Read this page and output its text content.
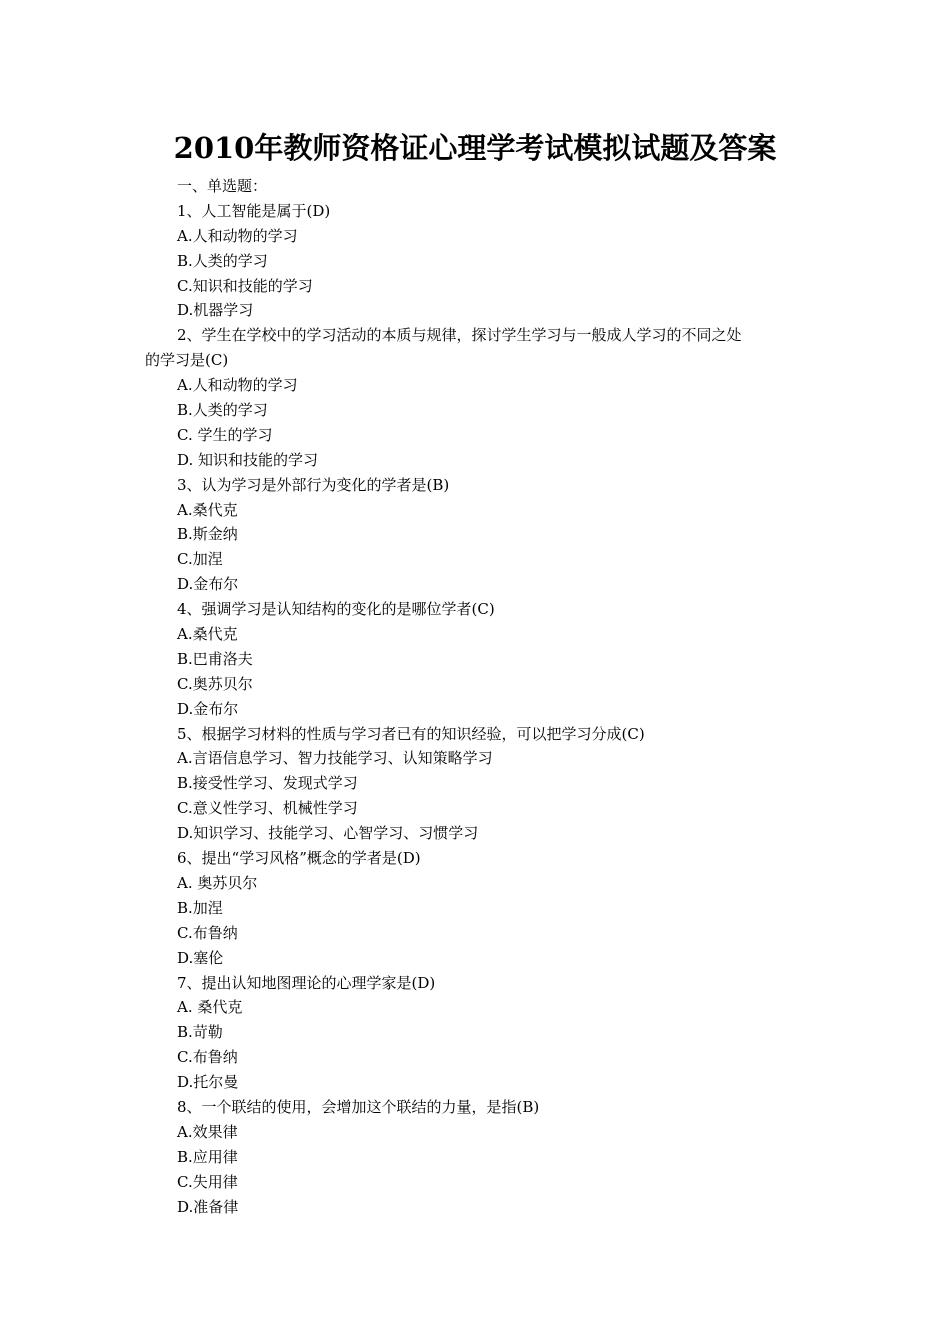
2010年教师资格证心理学考试模拟试题及答案
一、单选题：
1、人工智能是属于(D)
A.人和动物的学习
B.人类的学习
C.知识和技能的学习
D.机器学习
2、学生在学校中的学习活动的本质与规律，探讨学生学习与一般成人学习的不同之处
的学习是(C)
A.人和动物的学习
B.人类的学习
C. 学生的学习
D. 知识和技能的学习
3、认为学习是外部行为变化的学者是(B)
A.桑代克
B.斯金纳
C.加涅
D.金布尔
4、强调学习是认知结构的变化的是哪位学者(C)
A.桑代克
B.巴甫洛夫
C.奥苏贝尔
D.金布尔
5、根据学习材料的性质与学习者已有的知识经验，可以把学习分成(C)
A.言语信息学习、智力技能学习、认知策略学习
B.接受性学习、发现式学习
C.意义性学习、机械性学习
D.知识学习、技能学习、心智学习、习惯学习
6、提出“学习风格”概念的学者是(D)
A. 奥苏贝尔
B.加涅
C.布鲁纳
D.塞伦
7、提出认知地图理论的心理学家是(D)
A. 桑代克
B.苛勒
C.布鲁纳
D.托尔曼
8、一个联结的使用，会增加这个联结的力量，是指(B)
A.效果律
B.应用律
C.失用律
D.准备律
